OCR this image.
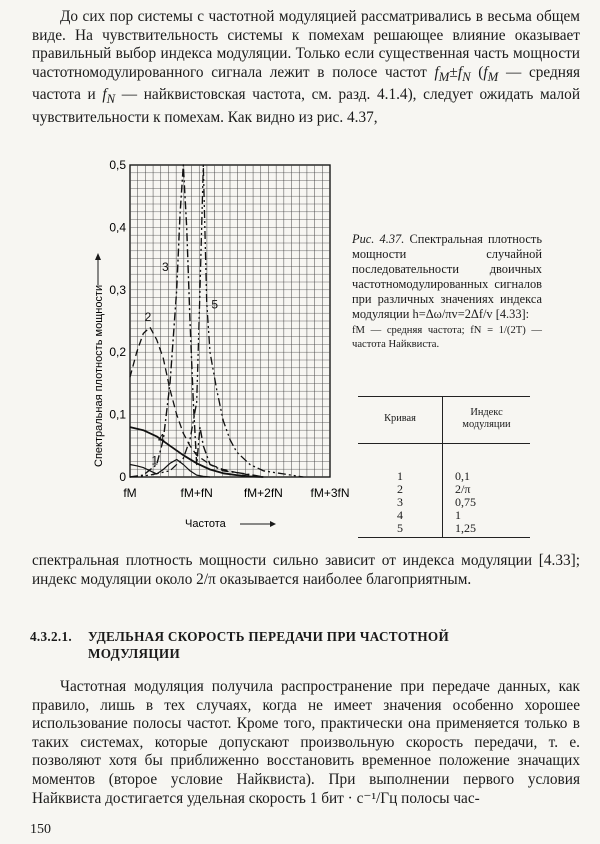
До сих пор системы с частотной модуляцией рассматривались в весьма общем виде. На чувствительность системы к помехам решающее влияние оказывает правильный выбор индекса модуляции. Только если существенная часть мощности частотномодулированного сигнала лежит в полосе частот $f_M\pm f_N$ ($f_M$ — средняя частота и $f_N$ — найквистовская частота, см. разд. 4.1.4), следует ожидать малой чувствительности к помехам. Как видно из рис. 4.37,

0
0,1
0,2
0,3
0,4
0,5
fM	fM+fN	fM+2fN fM+3fN
Частота
Спектральная плотность мощности	1
2
3
4
5
Рис. 4.37. Спектральная плотность мощности случайной последовательности двоичных частотномодулированных сигналов при различных значениях индекса модуляции h=Δω/πv=2Δf/v [4.33]:
fM — средняя частота; fN = 1/(2T) — частота Найквиста.
Кривая	Индекс модуляции
1	0,1
2	2/π
3	0,75
4	1
5	1,25

спектральная плотность мощности сильно зависит от индекса модуляции [4.33]; индекс модуляции около 2/π оказывается наиболее благоприятным.

4.3.2.1. УДЕЛЬНАЯ СКОРОСТЬ ПЕРЕДАЧИ ПРИ ЧАСТОТНОЙ
МОДУЛЯЦИИ

Частотная модуляция получила распространение при передаче данных, как правило, лишь в тех случаях, когда не имеет значения особенно хорошее использование полосы частот. Кроме того, практически она применяется только в таких системах, которые допускают произвольную скорость передачи, т. е. позволяют хотя бы приближенно восстановить временное положение значащих моментов (второе условие Найквиста). При выполнении первого условия Найквиста достигается удельная скорость 1 бит · с⁻¹/Гц полосы час-

150
